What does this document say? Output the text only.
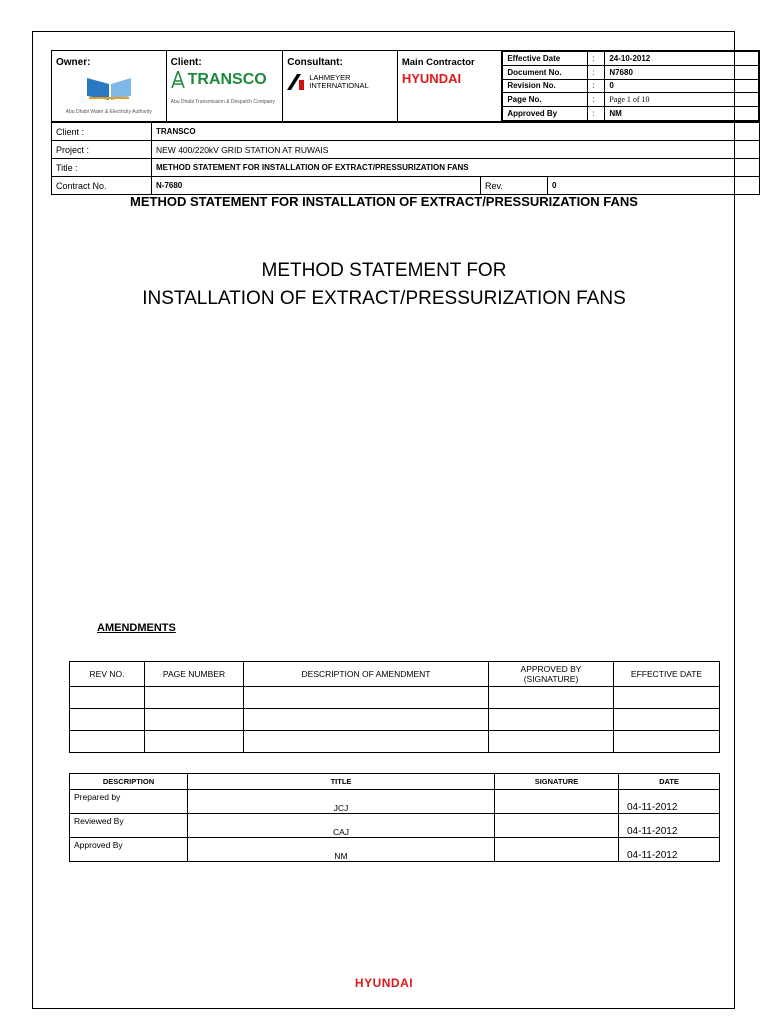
Owner:
Abu Dhabi Water & Electricity Authority

Client:
TRANSCO
Abu Dhabi Transmission & Despatch Company

Consultant:
LAHMEYER
INTERNATIONAL

Main Contractor
HYUNDAI

Effective Date	:	24-10-2012
Document No.	:	N7680
Revision No.	:	0
Page No.	:	Page 1 of 10
Approved By	:	NM
Client :	TRANSCO		
Project :	NEW 400/220kV GRID STATION AT RUWAIS		
Title :	METHOD STATEMENT FOR INSTALLATION OF EXTRACT/PRESSURIZATION FANS		
Contract No.	N-7680	Rev.	0
METHOD STATEMENT FOR INSTALLATION OF EXTRACT/PRESSURIZATION FANS
METHOD STATEMENT FOR
INSTALLATION OF EXTRACT/PRESSURIZATION FANS
AMENDMENTS
REV NO.	PAGE NUMBER	DESCRIPTION OF AMENDMENT	APPROVED BY (SIGNATURE)	EFFECTIVE DATE

DESCRIPTION	TITLE	SIGNATURE	DATE
Prepared by	JCJ		04-11-2012
Reviewed By	CAJ		04-11-2012
Approved By	NM		04-11-2012
HYUNDAI
